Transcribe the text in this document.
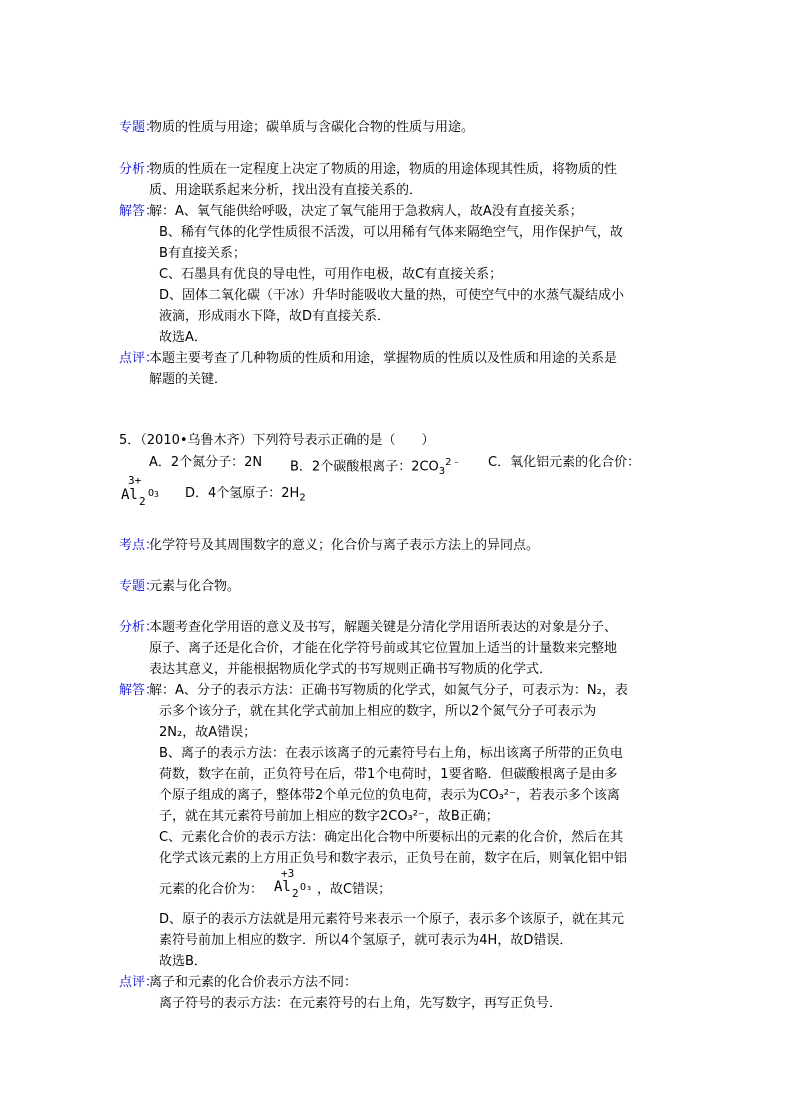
专题：
物质的性质与用途；碳单质与含碳化合物的性质与用途。
分析：
物质的性质在一定程度上决定了物质的用途，物质的用途体现其性质，将物质的性
质、用途联系起来分析，找出没有直接关系的．
解答：
解：A、氧气能供给呼吸，决定了氧气能用于急救病人，故A没有直接关系；
B、稀有气体的化学性质很不活泼，可以用稀有气体来隔绝空气，用作保护气，故
B有直接关系；
C、石墨具有优良的导电性，可用作电极，故C有直接关系；
D、固体二氧化碳（干冰）升华时能吸收大量的热，可使空气中的水蒸气凝结成小
液滴，形成雨水下降，故D有直接关系．
故选A．
点评：
本题主要考查了几种物质的性质和用途，掌握物质的性质以及性质和用途的关系是
解题的关键．
5．（2010•乌鲁木齐）下列符号表示正确的是（　　）
A．2个氮分子：2N B．2个碳酸根离子：$2CO_3^{2﹣}$ C．氧化铝元素的化合价：
3+
Al 2
O 3 D．4个氢原子：$2H_2$
考点：
化学符号及其周围数字的意义；化合价与离子表示方法上的异同点。
专题：
元素与化合物。
分析：
本题考查化学用语的意义及书写，解题关键是分清化学用语所表达的对象是分子、
原子、离子还是化合价，才能在化学符号前或其它位置加上适当的计量数来完整地
表达其意义，并能根据物质化学式的书写规则正确书写物质的化学式．
解答：
解：A、分子的表示方法：正确书写物质的化学式，如氮气分子，可表示为：N₂，表
示多个该分子，就在其化学式前加上相应的数字，所以2个氮气分子可表示为
2N₂，故A错误；
B、离子的表示方法：在表示该离子的元素符号右上角，标出该离子所带的正负电
荷数，数字在前，正负符号在后，带1个电荷时，1要省略．但碳酸根离子是由多
个原子组成的离子，整体带2个单元位的负电荷，表示为CO₃²⁻，若表示多个该离
子，就在其元素符号前加上相应的数字2CO₃²⁻，故B正确；
C、元素化合价的表示方法：确定出化合物中所要标出的元素的化合价，然后在其
化学式该元素的上方用正负号和数字表示，正负号在前，数字在后，则氧化铝中铝
元素的化合价为：
+3
Al 2 O₃ ，故C错误；
D、原子的表示方法就是用元素符号来表示一个原子，表示多个该原子，就在其元
素符号前加上相应的数字．所以4个氢原子，就可表示为4H，故D错误．
故选B．
点评：
离子和元素的化合价表示方法不同：
离子符号的表示方法：在元素符号的右上角，先写数字，再写正负号．
